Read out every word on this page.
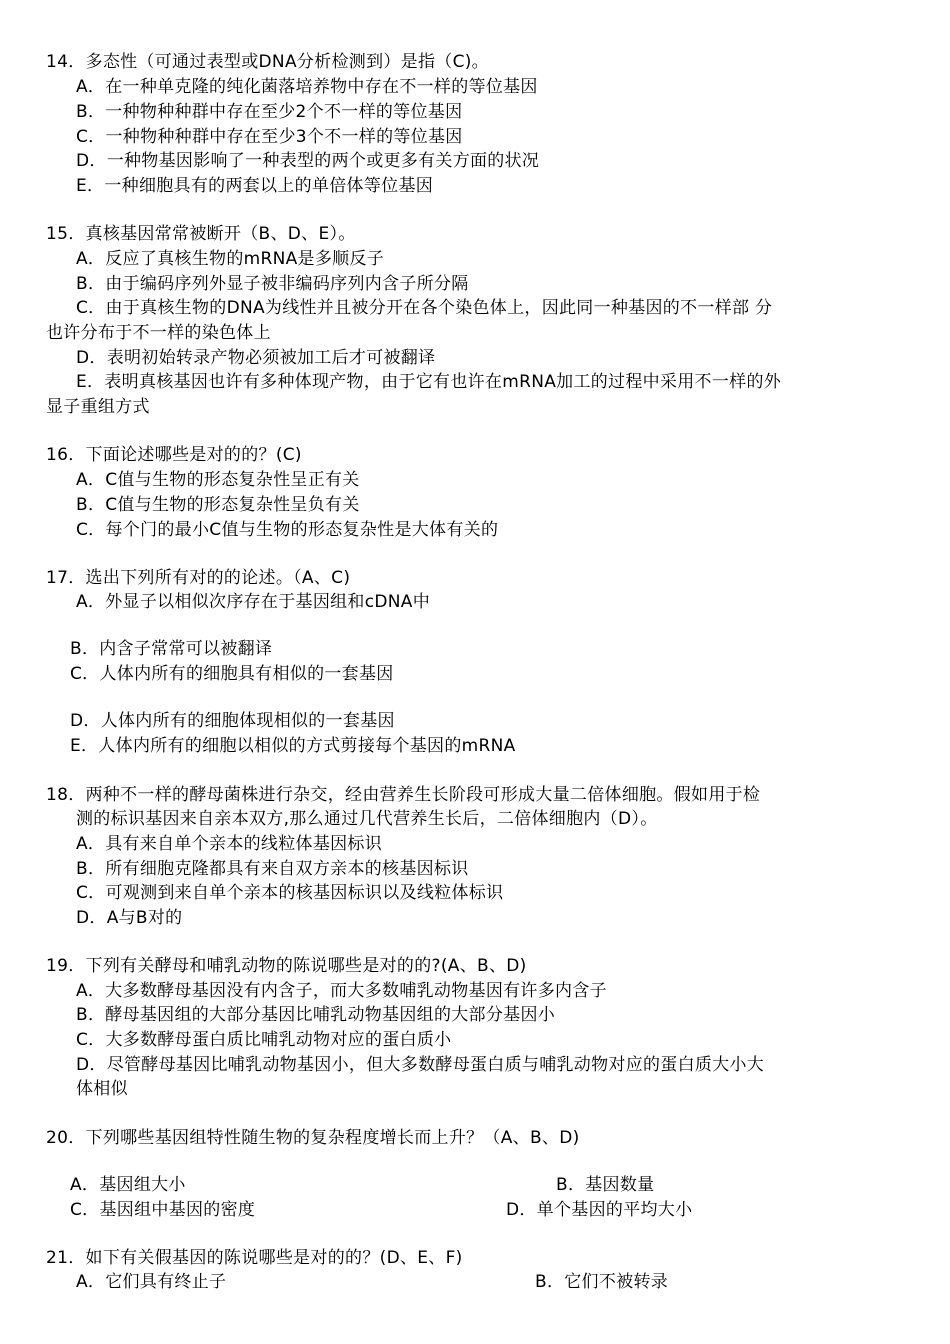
14．多态性（可通过表型或DNA分析检测到）是指（C)。
A．在一种单克隆的纯化菌落培养物中存在不一样的等位基因
B．一种物种种群中存在至少2个不一样的等位基因
C．一种物种种群中存在至少3个不一样的等位基因
D．一种物基因影响了一种表型的两个或更多有关方面的状况
E．一种细胞具有的两套以上的单倍体等位基因
15．真核基因常常被断开（B、D、E）。
A．反应了真核生物的mRNA是多顺反子
B．由于编码序列外显子被非编码序列内含子所分隔
C．由于真核生物的DNA为线性并且被分开在各个染色体上，因此同一种基因的不一样部 分
也许分布于不一样的染色体上
D．表明初始转录产物必须被加工后才可被翻译
E．表明真核基因也许有多种体现产物，由于它有也许在mRNA加工的过程中采用不一样的外
显子重组方式
16．下面论述哪些是对的的？(C)
A．C值与生物的形态复杂性呈正有关
B．C值与生物的形态复杂性呈负有关
C．每个门的最小C值与生物的形态复杂性是大体有关的
17．选出下列所有对的的论述。（A、C)
A．外显子以相似次序存在于基因组和cDNA中
B．内含子常常可以被翻译
C．人体内所有的细胞具有相似的一套基因
D．人体内所有的细胞体现相似的一套基因
E．人体内所有的细胞以相似的方式剪接每个基因的mRNA
18．两种不一样的酵母菌株进行杂交，经由营养生长阶段可形成大量二倍体细胞。假如用于检
测的标识基因来自亲本双方,那么通过几代营养生长后，二倍体细胞内（D）。
A．具有来自单个亲本的线粒体基因标识
B．所有细胞克隆都具有来自双方亲本的核基因标识
C．可观测到来自单个亲本的核基因标识以及线粒体标识
D．A与B对的
19．下列有关酵母和哺乳动物的陈说哪些是对的的?(A、B、D)
A．大多数酵母基因没有内含子，而大多数哺乳动物基因有许多内含子
B．酵母基因组的大部分基因比哺乳动物基因组的大部分基因小
C．大多数酵母蛋白质比哺乳动物对应的蛋白质小
D．尽管酵母基因比哺乳动物基因小，但大多数酵母蛋白质与哺乳动物对应的蛋白质大小大
体相似
20．下列哪些基因组特性随生物的复杂程度增长而上升？（A、B、D)
A．基因组大小	B．基因数量
C．基因组中基因的密度	D．单个基因的平均大小
21．如下有关假基因的陈说哪些是对的的？(D、E、F)
A．它们具有终止子	B．它们不被转录
